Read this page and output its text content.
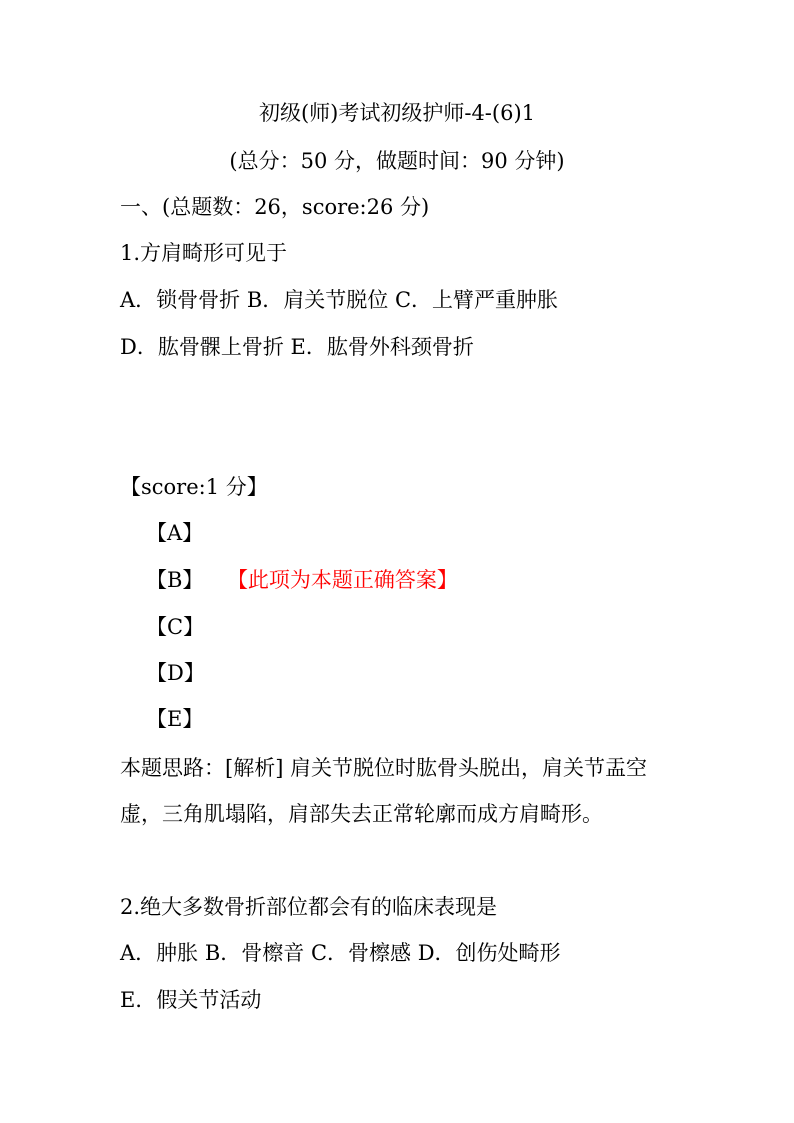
初级(师)考试初级护师-4-(6)1
(总分：50 分，做题时间：90 分钟)
一、(总题数：26，score:26 分)
1.方肩畸形可见于
A．锁骨骨折 B．肩关节脱位 C．上臂严重肿胀
D．肱骨髁上骨折 E．肱骨外科颈骨折
【score:1 分】
【A】
【B】 【此项为本题正确答案】
【C】
【D】
【E】
本题思路：[解析] 肩关节脱位时肱骨头脱出，肩关节盂空虚，三角肌塌陷，肩部失去正常轮廓而成方肩畸形。
2.绝大多数骨折部位都会有的临床表现是
A．肿胀 B．骨檫音 C．骨檫感 D．创伤处畸形
E．假关节活动
